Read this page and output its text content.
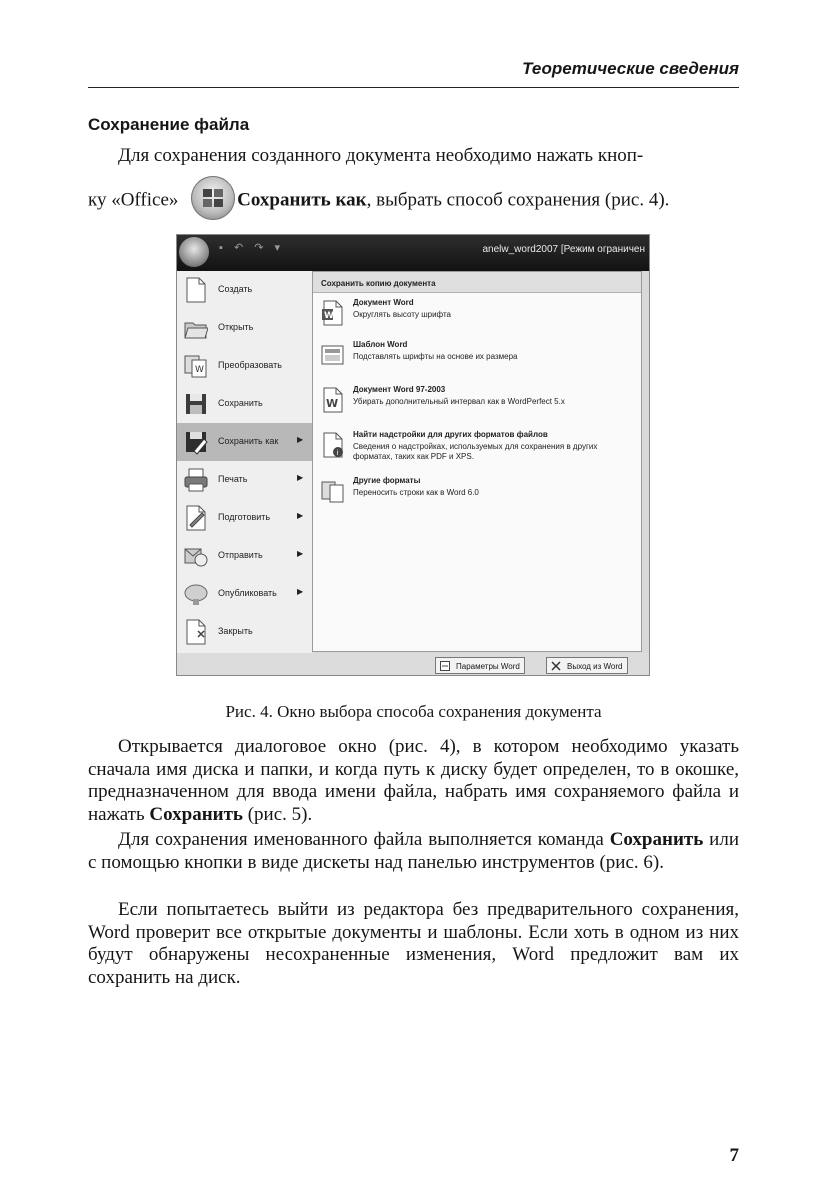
Теоретические сведения
Сохранение файла

Для сохранения созданного документа необходимо нажать кноп-

ку «Office»	Сохранить как, выбрать способ сохранения (рис. 4).
▪ ↶ ↷ ▾	anelw_word2007 [Режим ограничен
Создать
Открыть
W Преобразовать
Сохранить
Сохранить как ▶
Печать	▶
Подготовить	▶
Отправить	▶
Опубликовать	▶
Закрыть
Сохранить копию документа
W
Документ Word
Округлять высоту шрифта
Шаблон Word
Подставлять шрифты на основе их размера
W
Документ Word 97-2003
Убирать дополнительный интервал как в WordPerfect 5.x
i
Найти надстройки для других форматов файлов
Сведения о надстройках, используемых для сохранения в других форматах, таких как PDF и XPS.
Другие форматы
Переносить строки как в Word 6.0
Параметры Word	Выход из Word
Рис. 4. Окно выбора способа сохранения документа

Открывается диалоговое окно (рис. 4), в котором необходимо указать сначала имя диска и папки, и когда путь к диску будет определен, то в окошке, предназначенном для ввода имени файла, набрать имя сохраняемого файла и нажать Сохранить (рис. 5).

Для сохранения именованного файла выполняется команда Сохранить или с помощью кнопки в виде дискеты над панелью инструментов (рис. 6).

Если попытаетесь выйти из редактора без предварительного сохранения, Word проверит все открытые документы и шаблоны. Если хоть в одном из них будут обнаружены несохраненные изменения, Word предложит вам их сохранить на диск.

7
